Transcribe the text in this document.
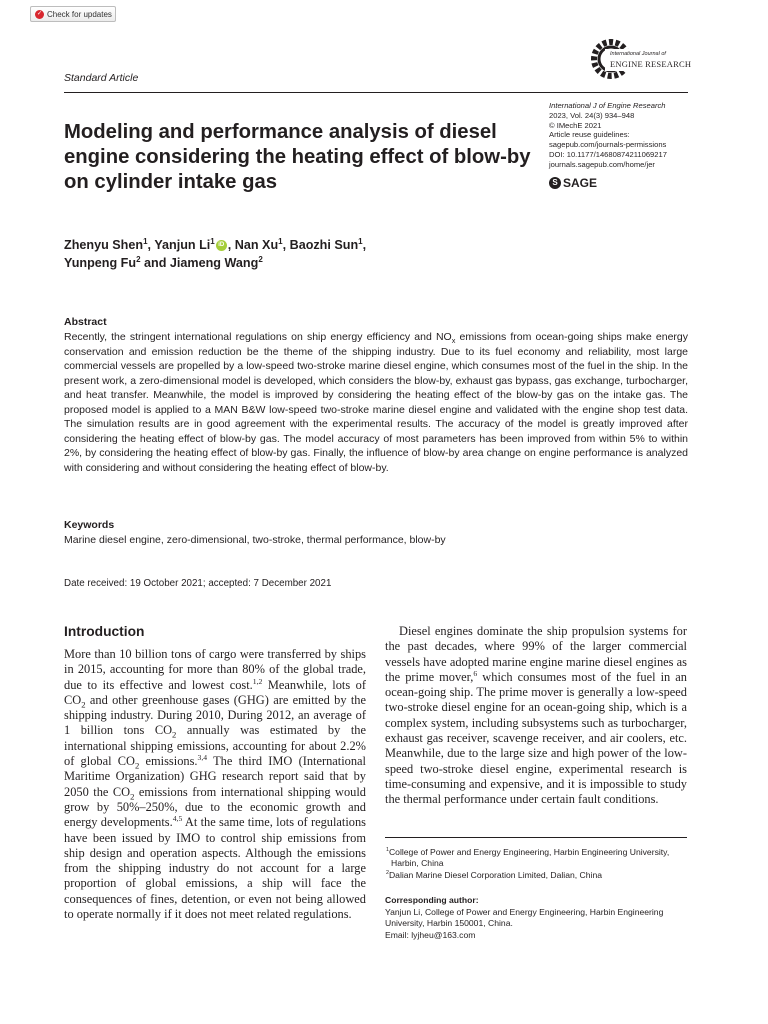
✓ Check for updates
Standard Article
International Journal of
ENGINE RESEARCH
International J of Engine Research
2023, Vol. 24(3) 934–948
© IMechE 2021
Article reuse guidelines:
sagepub.com/journals-permissions
DOI: 10.1177/14680874211069217
journals.sagepub.com/home/jer
S SAGE
Modeling and performance analysis of diesel engine considering the heating effect of blow-by on cylinder intake gas
Zhenyu Shen$^1$, Yanjun Li$^1$ iD , Nan Xu$^1$, Baozhi Sun$^1$,
Yunpeng Fu$^2$ and Jiameng Wang$^2$
Abstract
Recently, the stringent international regulations on ship energy efficiency and $NO_x$ emissions from ocean-going ships make energy conservation and emission reduction be the theme of the shipping industry. Due to its fuel economy and reliability, most large commercial vessels are propelled by a low-speed two-stroke marine diesel engine, which consumes most of the fuel in the ship. In the present work, a zero-dimensional model is developed, which considers the blow-by, exhaust gas bypass, gas exchange, turbocharger, and heat transfer. Meanwhile, the model is improved by considering the heating effect of the blow-by gas on the intake gas. The proposed model is applied to a MAN B&W low-speed two-stroke marine diesel engine and validated with the engine shop test data. The simulation results are in good agreement with the experimental results. The accuracy of the model is greatly improved after considering the heating effect of blow-by gas. The model accuracy of most parameters has been improved from within 5% to within 2%, by considering the heating effect of blow-by gas. Finally, the influence of blow-by area change on engine performance is analyzed with considering and without considering the heating effect of blow-by.
Keywords
Marine diesel engine, zero-dimensional, two-stroke, thermal performance, blow-by
Date received: 19 October 2021; accepted: 7 December 2021
Introduction
More than 10 billion tons of cargo were transferred by ships in 2015, accounting for more than 80% of the global trade, due to its effective and lowest cost.$^{1,2}$ Meanwhile, lots of $CO_2$ and other greenhouse gases (GHG) are emitted by the shipping industry. During 2010, During 2012, an average of 1 billion tons $CO_2$ annually was estimated by the international shipping emissions, accounting for about 2.2% of global $CO_2$ emissions.$^{3,4}$ The third IMO (International Maritime Organization) GHG research report said that by 2050 the $CO_2$ emissions from international shipping would grow by 50%–250%, due to the economic growth and energy developments.$^{4,5}$ At the same time, lots of regulations have been issued by IMO to control ship emissions from ship design and operation aspects. Although the emissions from the shipping industry do not account for a large proportion of global emissions, a ship will face the consequences of fines, detention, or even not being allowed to operate normally if it does not meet related regulations.
Diesel engines dominate the ship propulsion systems for the past decades, where 99% of the larger commercial vessels have adopted marine engine marine diesel engines as the prime mover,$^6$ which consumes most of the fuel in an ocean-going ship. The prime mover is generally a low-speed two-stroke diesel engine for an ocean-going ship, which is a complex system, including subsystems such as turbocharger, exhaust gas receiver, scavenge receiver, and air coolers, etc. Meanwhile, due to the large size and high power of the low-speed two-stroke diesel engine, experimental research is time-consuming and expensive, and it is impossible to study the thermal performance under certain fault conditions.
$^1$College of Power and Energy Engineering, Harbin Engineering University, Harbin, China
$^2$Dalian Marine Diesel Corporation Limited, Dalian, China
Corresponding author:
Yanjun Li, College of Power and Energy Engineering, Harbin Engineering University, Harbin 150001, China.
Email: lyjheu@163.com
